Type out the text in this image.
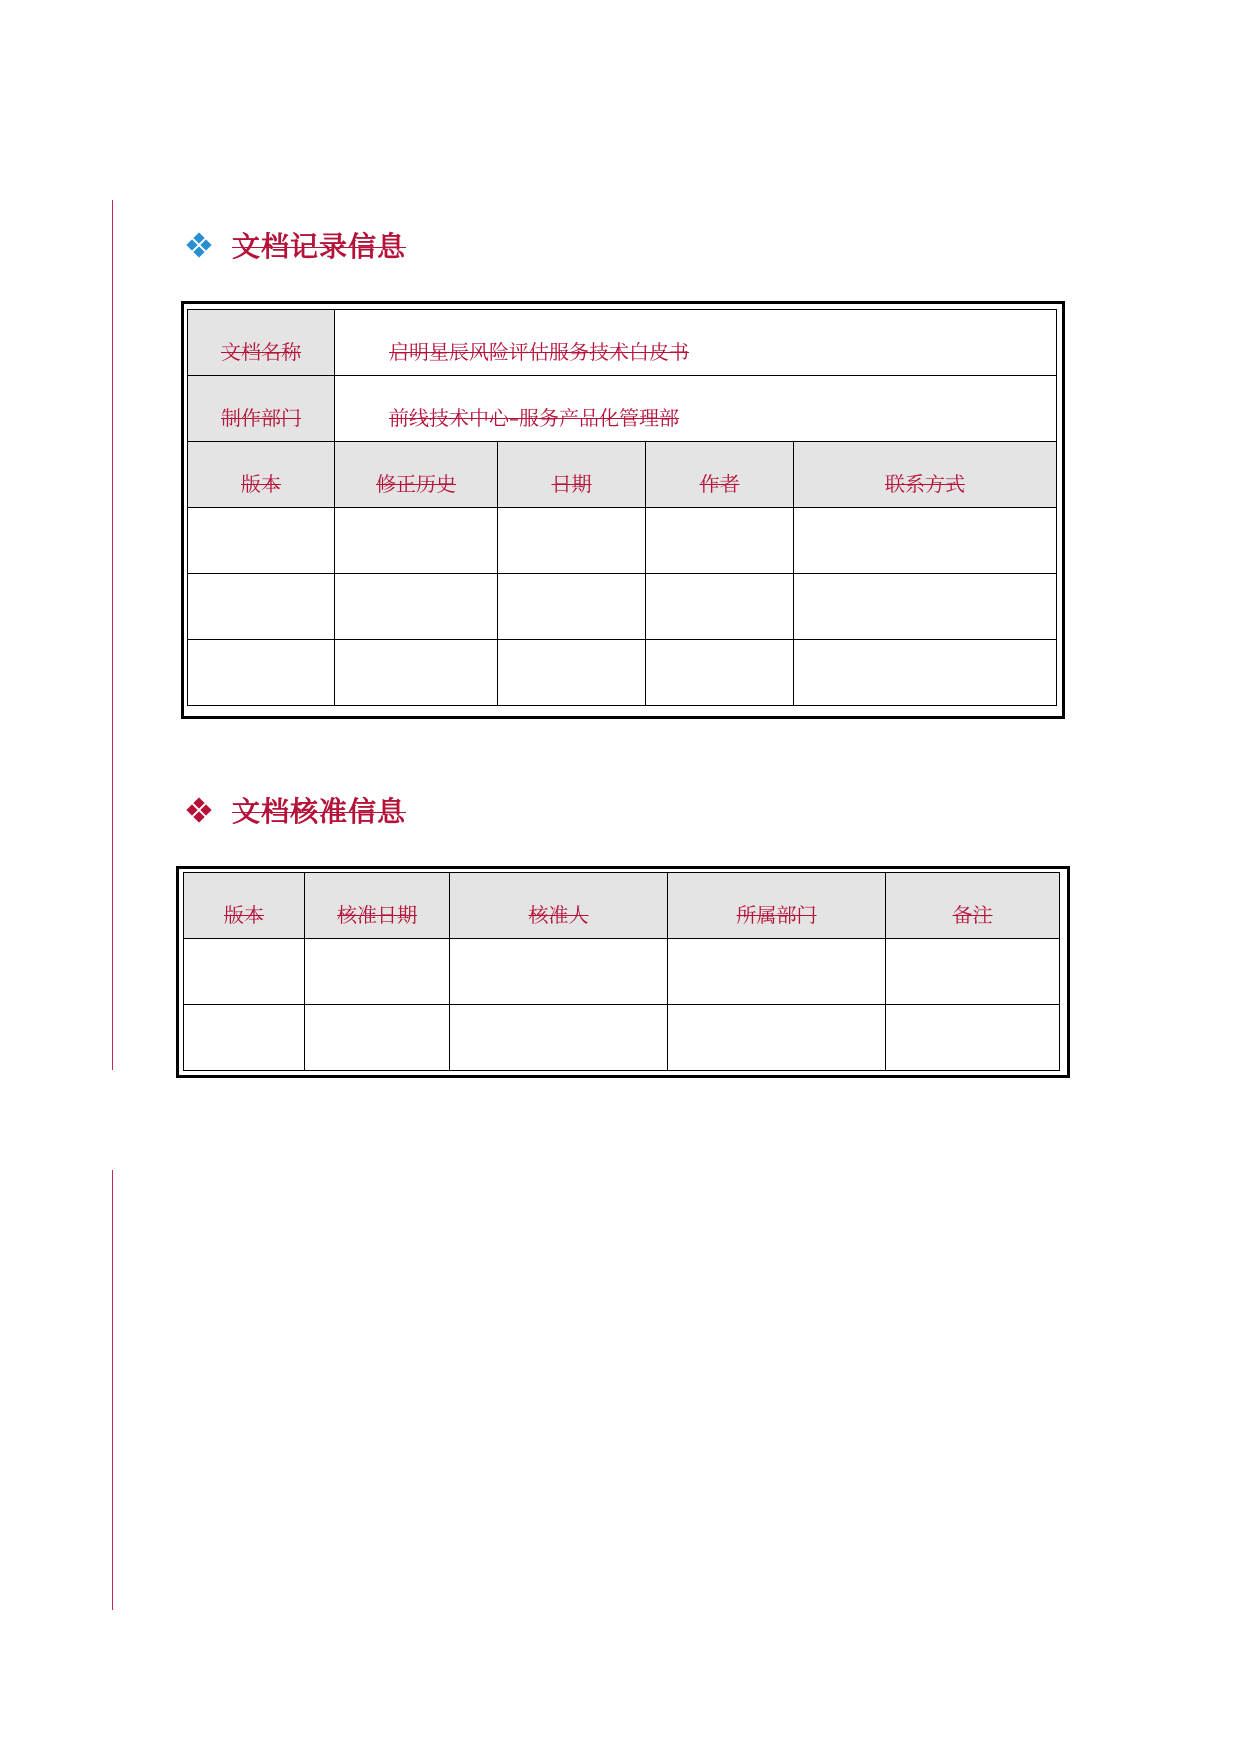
文档记录信息
文档名称	启明星辰风险评估服务技术白皮书			
制作部门	前线技术中心–服务产品化管理部			
版本	修正历史	日期	作者	联系方式

文档核准信息
版本	核准日期	核准人	所属部门	备注
